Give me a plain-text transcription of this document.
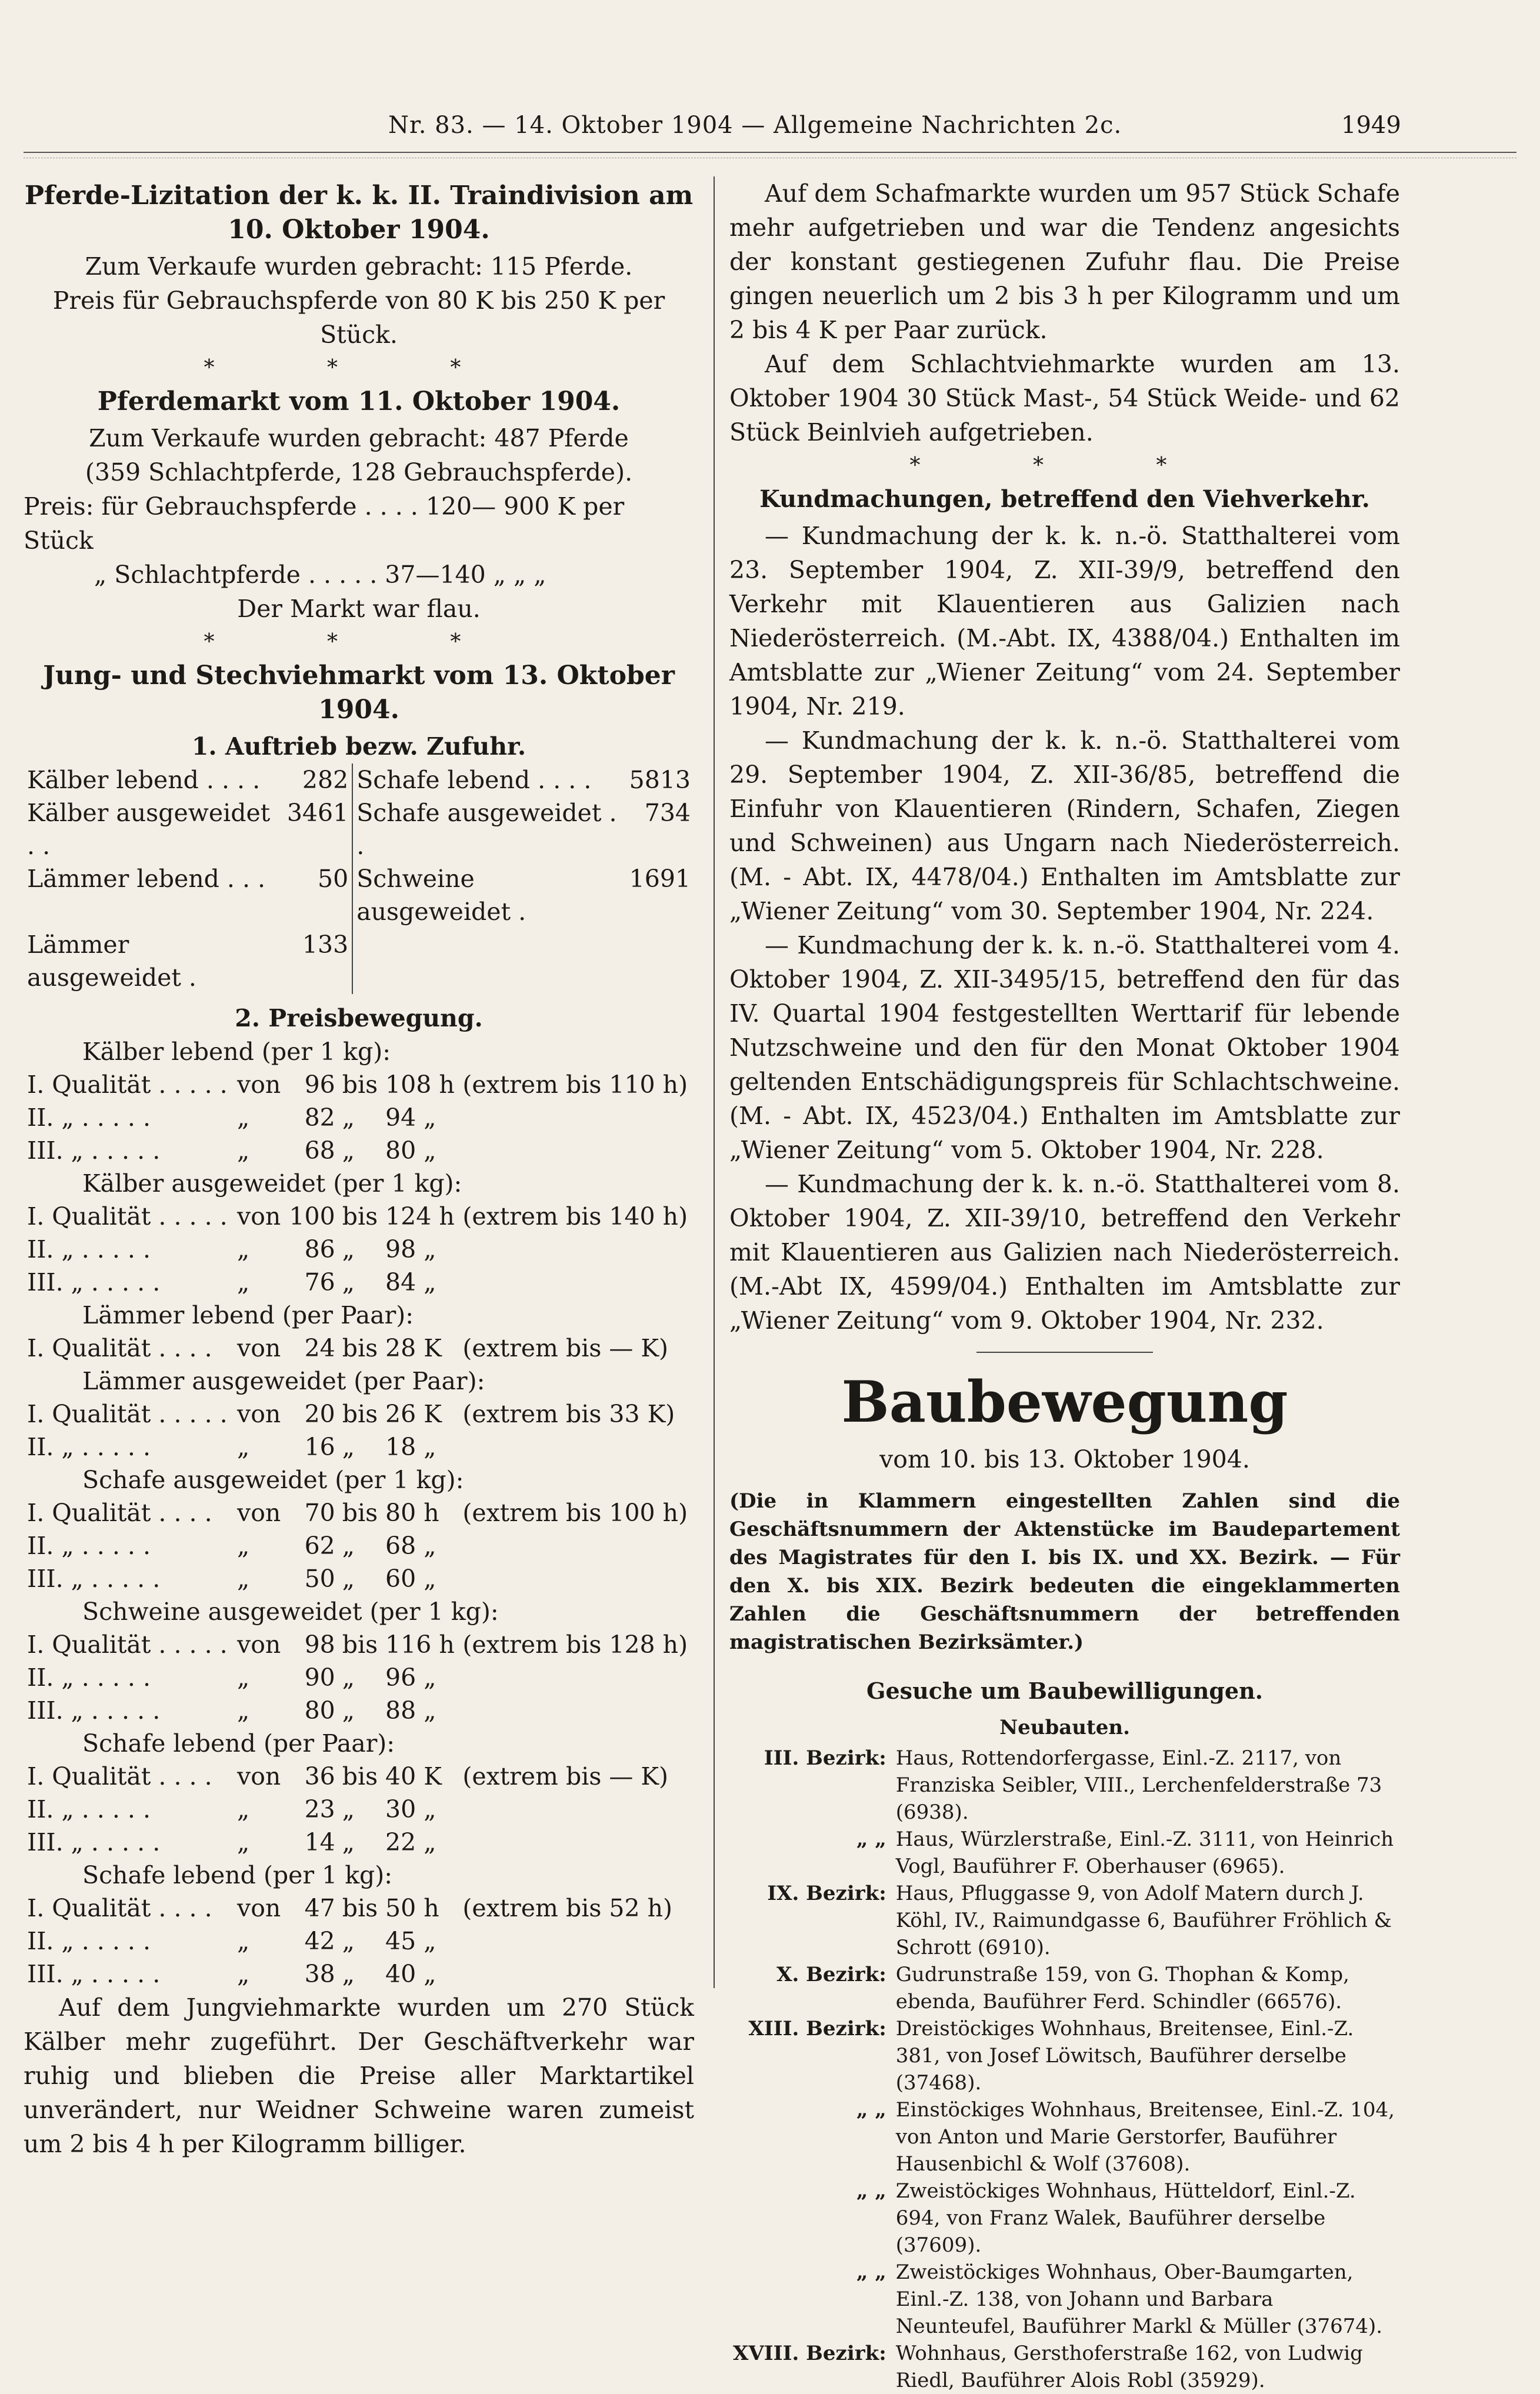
Nr. 83. — 14. Oktober 1904 — Allgemeine Nachrichten 2c.	1949
Pferde-Lizitation der k. k. II. Traindivision am 10. Oktober 1904.
Zum Verkaufe wurden gebracht: 115 Pferde.
Preis für Gebrauchspferde von 80 K bis 250 K per Stück.
* * *
Pferdemarkt vom 11. Oktober 1904.
Zum Verkaufe wurden gebracht: 487 Pferde
(359 Schlachtpferde, 128 Gebrauchspferde).
Preis: für Gebrauchspferde . . . . 120— 900 K per Stück
„ Schlachtpferde . . . . . 37—140 „ „ „
Der Markt war flau.
* * *
Jung- und Stechviehmarkt vom 13. Oktober 1904.
1. Auftrieb bezw. Zufuhr.
Kälber lebend . . . .	282	Schafe lebend . . . .	5813
Kälber ausgeweidet . .	3461	Schafe ausgeweidet . .	734
Lämmer lebend . . .	50	Schweine ausgeweidet .	1691
Lämmer ausgeweidet .	133		
2. Preisbewegung.
Kälber lebend (per 1 kg):					
I. Qualität . . . . .	von	96	bis	108 h	(extrem bis 110 h)
II. „ . . . . .	„	82	„	94 „	
III. „ . . . . .	„	68	„	80 „	
Kälber ausgeweidet (per 1 kg):					
I. Qualität . . . . .	von	100	bis	124 h	(extrem bis 140 h)
II. „ . . . . .	„	86	„	98 „	
III. „ . . . . .	„	76	„	84 „	
Lämmer lebend (per Paar):					
I. Qualität . . . .	von	24	bis	28 K	(extrem bis — K)
Lämmer ausgeweidet (per Paar):					
I. Qualität . . . . .	von	20	bis	26 K	(extrem bis 33 K)
II. „ . . . . .	„	16	„	18 „	
Schafe ausgeweidet (per 1 kg):					
I. Qualität . . . .	von	70	bis	80 h	(extrem bis 100 h)
II. „ . . . . .	„	62	„	68 „	
III. „ . . . . .	„	50	„	60 „	
Schweine ausgeweidet (per 1 kg):					
I. Qualität . . . . .	von	98	bis	116 h	(extrem bis 128 h)
II. „ . . . . .	„	90	„	96 „	
III. „ . . . . .	„	80	„	88 „	
Schafe lebend (per Paar):					
I. Qualität . . . .	von	36	bis	40 K	(extrem bis — K)
II. „ . . . . .	„	23	„	30 „	
III. „ . . . . .	„	14	„	22 „	
Schafe lebend (per 1 kg):					
I. Qualität . . . .	von	47	bis	50 h	(extrem bis 52 h)
II. „ . . . . .	„	42	„	45 „	
III. „ . . . . .	„	38	„	40 „	

Auf dem Jungviehmarkte wurden um 270 Stück Kälber mehr zugeführt. Der Geschäftverkehr war ruhig und blieben die Preise aller Marktartikel unverändert, nur Weidner Schweine waren zumeist um 2 bis 4 h per Kilogramm billiger.

Auf dem Schafmarkte wurden um 957 Stück Schafe mehr aufgetrieben und war die Tendenz angesichts der konstant gestiegenen Zufuhr flau. Die Preise gingen neuerlich um 2 bis 3 h per Kilogramm und um 2 bis 4 K per Paar zurück.

Auf dem Schlachtviehmarkte wurden am 13. Oktober 1904 30 Stück Mast-, 54 Stück Weide- und 62 Stück Beinlvieh aufgetrieben.

* * *
Kundmachungen, betreffend den Viehverkehr.

— Kundmachung der k. k. n.-ö. Statthalterei vom 23. September 1904, Z. XII-39/9, betreffend den Verkehr mit Klauentieren aus Galizien nach Niederösterreich. (M.-Abt. IX, 4388/04.) Enthalten im Amtsblatte zur „Wiener Zeitung“ vom 24. September 1904, Nr. 219.

— Kundmachung der k. k. n.-ö. Statthalterei vom 29. September 1904, Z. XII-36/85, betreffend die Einfuhr von Klauentieren (Rindern, Schafen, Ziegen und Schweinen) aus Ungarn nach Niederösterreich. (M. - Abt. IX, 4478/04.) Enthalten im Amtsblatte zur „Wiener Zeitung“ vom 30. September 1904, Nr. 224.

— Kundmachung der k. k. n.-ö. Statthalterei vom 4. Oktober 1904, Z. XII-3495/15, betreffend den für das IV. Quartal 1904 festgestellten Werttarif für lebende Nutzschweine und den für den Monat Oktober 1904 geltenden Entschädigungspreis für Schlachtschweine. (M. - Abt. IX, 4523/04.) Enthalten im Amtsblatte zur „Wiener Zeitung“ vom 5. Oktober 1904, Nr. 228.

— Kundmachung der k. k. n.-ö. Statthalterei vom 8. Oktober 1904, Z. XII-39/10, betreffend den Verkehr mit Klauentieren aus Galizien nach Niederösterreich. (M.-Abt IX, 4599/04.) Enthalten im Amtsblatte zur „Wiener Zeitung“ vom 9. Oktober 1904, Nr. 232.

Baubewegung
vom 10. bis 13. Oktober 1904.
(Die in Klammern eingestellten Zahlen sind die Geschäftsnummern der Aktenstücke im Baudepartement des Magistrates für den I. bis IX. und XX. Bezirk. — Für den X. bis XIX. Bezirk bedeuten die eingeklammerten Zahlen die Geschäftsnummern der betreffenden magistratischen Bezirksämter.)
Gesuche um Baubewilligungen.
Neubauten.
III. Bezirk:	Haus, Rottendorfergasse, Einl.-Z. 2117, von Franziska Seibler, VIII., Lerchenfelderstraße 73 (6938).
„ „	Haus, Würzlerstraße, Einl.-Z. 3111, von Heinrich Vogl, Bauführer F. Oberhauser (6965).
IX. Bezirk:	Haus, Pfluggasse 9, von Adolf Matern durch J. Köhl, IV., Raimundgasse 6, Bauführer Fröhlich & Schrott (6910).
X. Bezirk:	Gudrunstraße 159, von G. Thophan & Komp, ebenda, Bauführer Ferd. Schindler (66576).
XIII. Bezirk:	Dreistöckiges Wohnhaus, Breitensee, Einl.-Z. 381, von Josef Löwitsch, Bauführer derselbe (37468).
„ „	Einstöckiges Wohnhaus, Breitensee, Einl.-Z. 104, von Anton und Marie Gerstorfer, Bauführer Hausenbichl & Wolf (37608).
„ „	Zweistöckiges Wohnhaus, Hütteldorf, Einl.-Z. 694, von Franz Walek, Bauführer derselbe (37609).
„ „	Zweistöckiges Wohnhaus, Ober-Baumgarten, Einl.-Z. 138, von Johann und Barbara Neunteufel, Bauführer Markl & Müller (37674).
XVIII. Bezirk:	Wohnhaus, Gersthoferstraße 162, von Ludwig Riedl, Bauführer Alois Robl (35929).
